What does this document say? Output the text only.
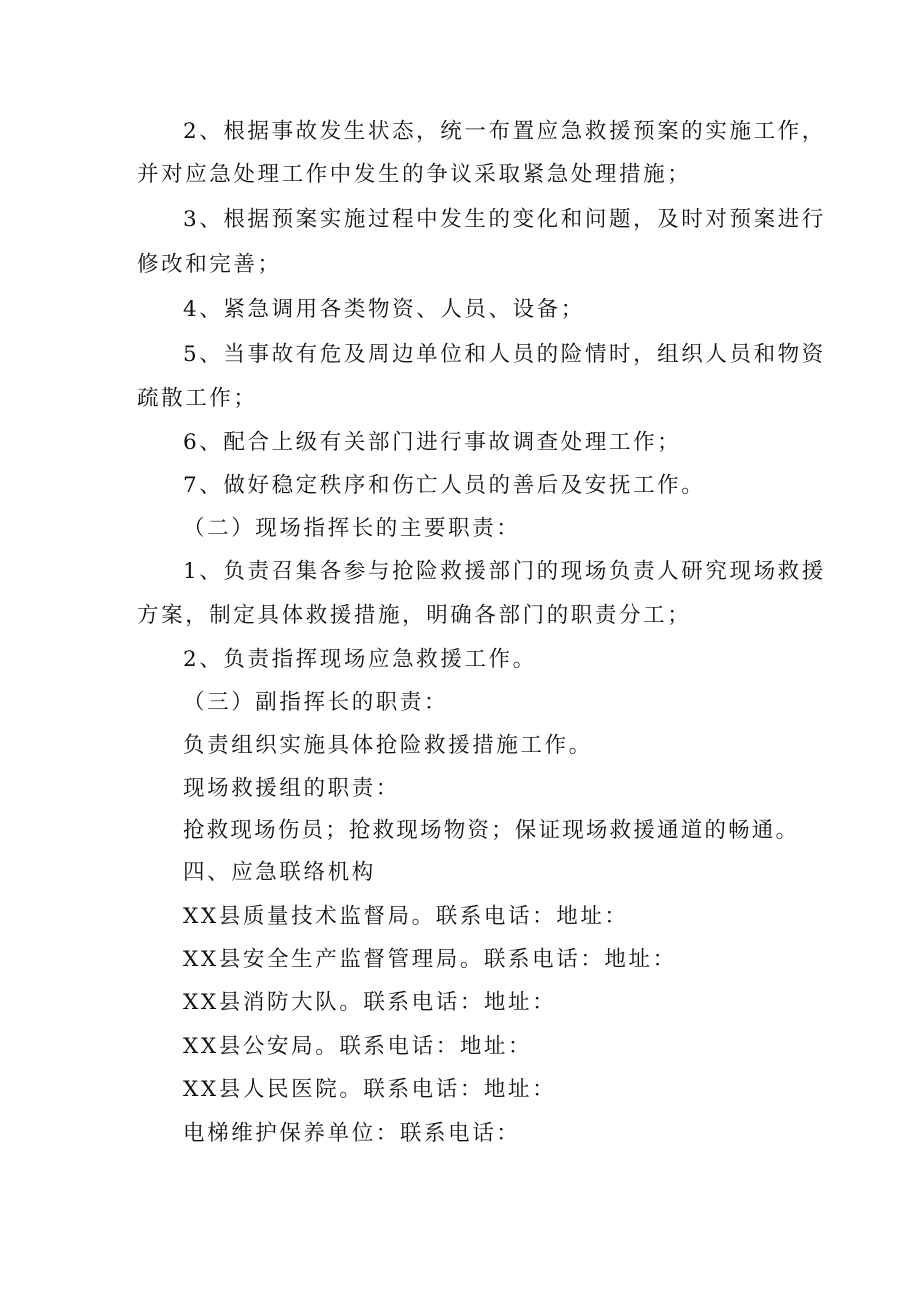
2、根据事故发生状态，统一布置应急救援预案的实施工作，

并对应急处理工作中发生的争议采取紧急处理措施；

3、根据预案实施过程中发生的变化和问题，及时对预案进行

修改和完善；

4、紧急调用各类物资、人员、设备；

5、当事故有危及周边单位和人员的险情时，组织人员和物资

疏散工作；

6、配合上级有关部门进行事故调查处理工作；

7、做好稳定秩序和伤亡人员的善后及安抚工作。

（二）现场指挥长的主要职责：

1、负责召集各参与抢险救援部门的现场负责人研究现场救援

方案，制定具体救援措施，明确各部门的职责分工；

2、负责指挥现场应急救援工作。

（三）副指挥长的职责：

负责组织实施具体抢险救援措施工作。

现场救援组的职责：

抢救现场伤员；抢救现场物资；保证现场救援通道的畅通。

四、应急联络机构

XX县质量技术监督局。联系电话：地址：

XX县安全生产监督管理局。联系电话：地址：

XX县消防大队。联系电话：地址：

XX县公安局。联系电话：地址：

XX县人民医院。联系电话：地址：

电梯维护保养单位：联系电话：
